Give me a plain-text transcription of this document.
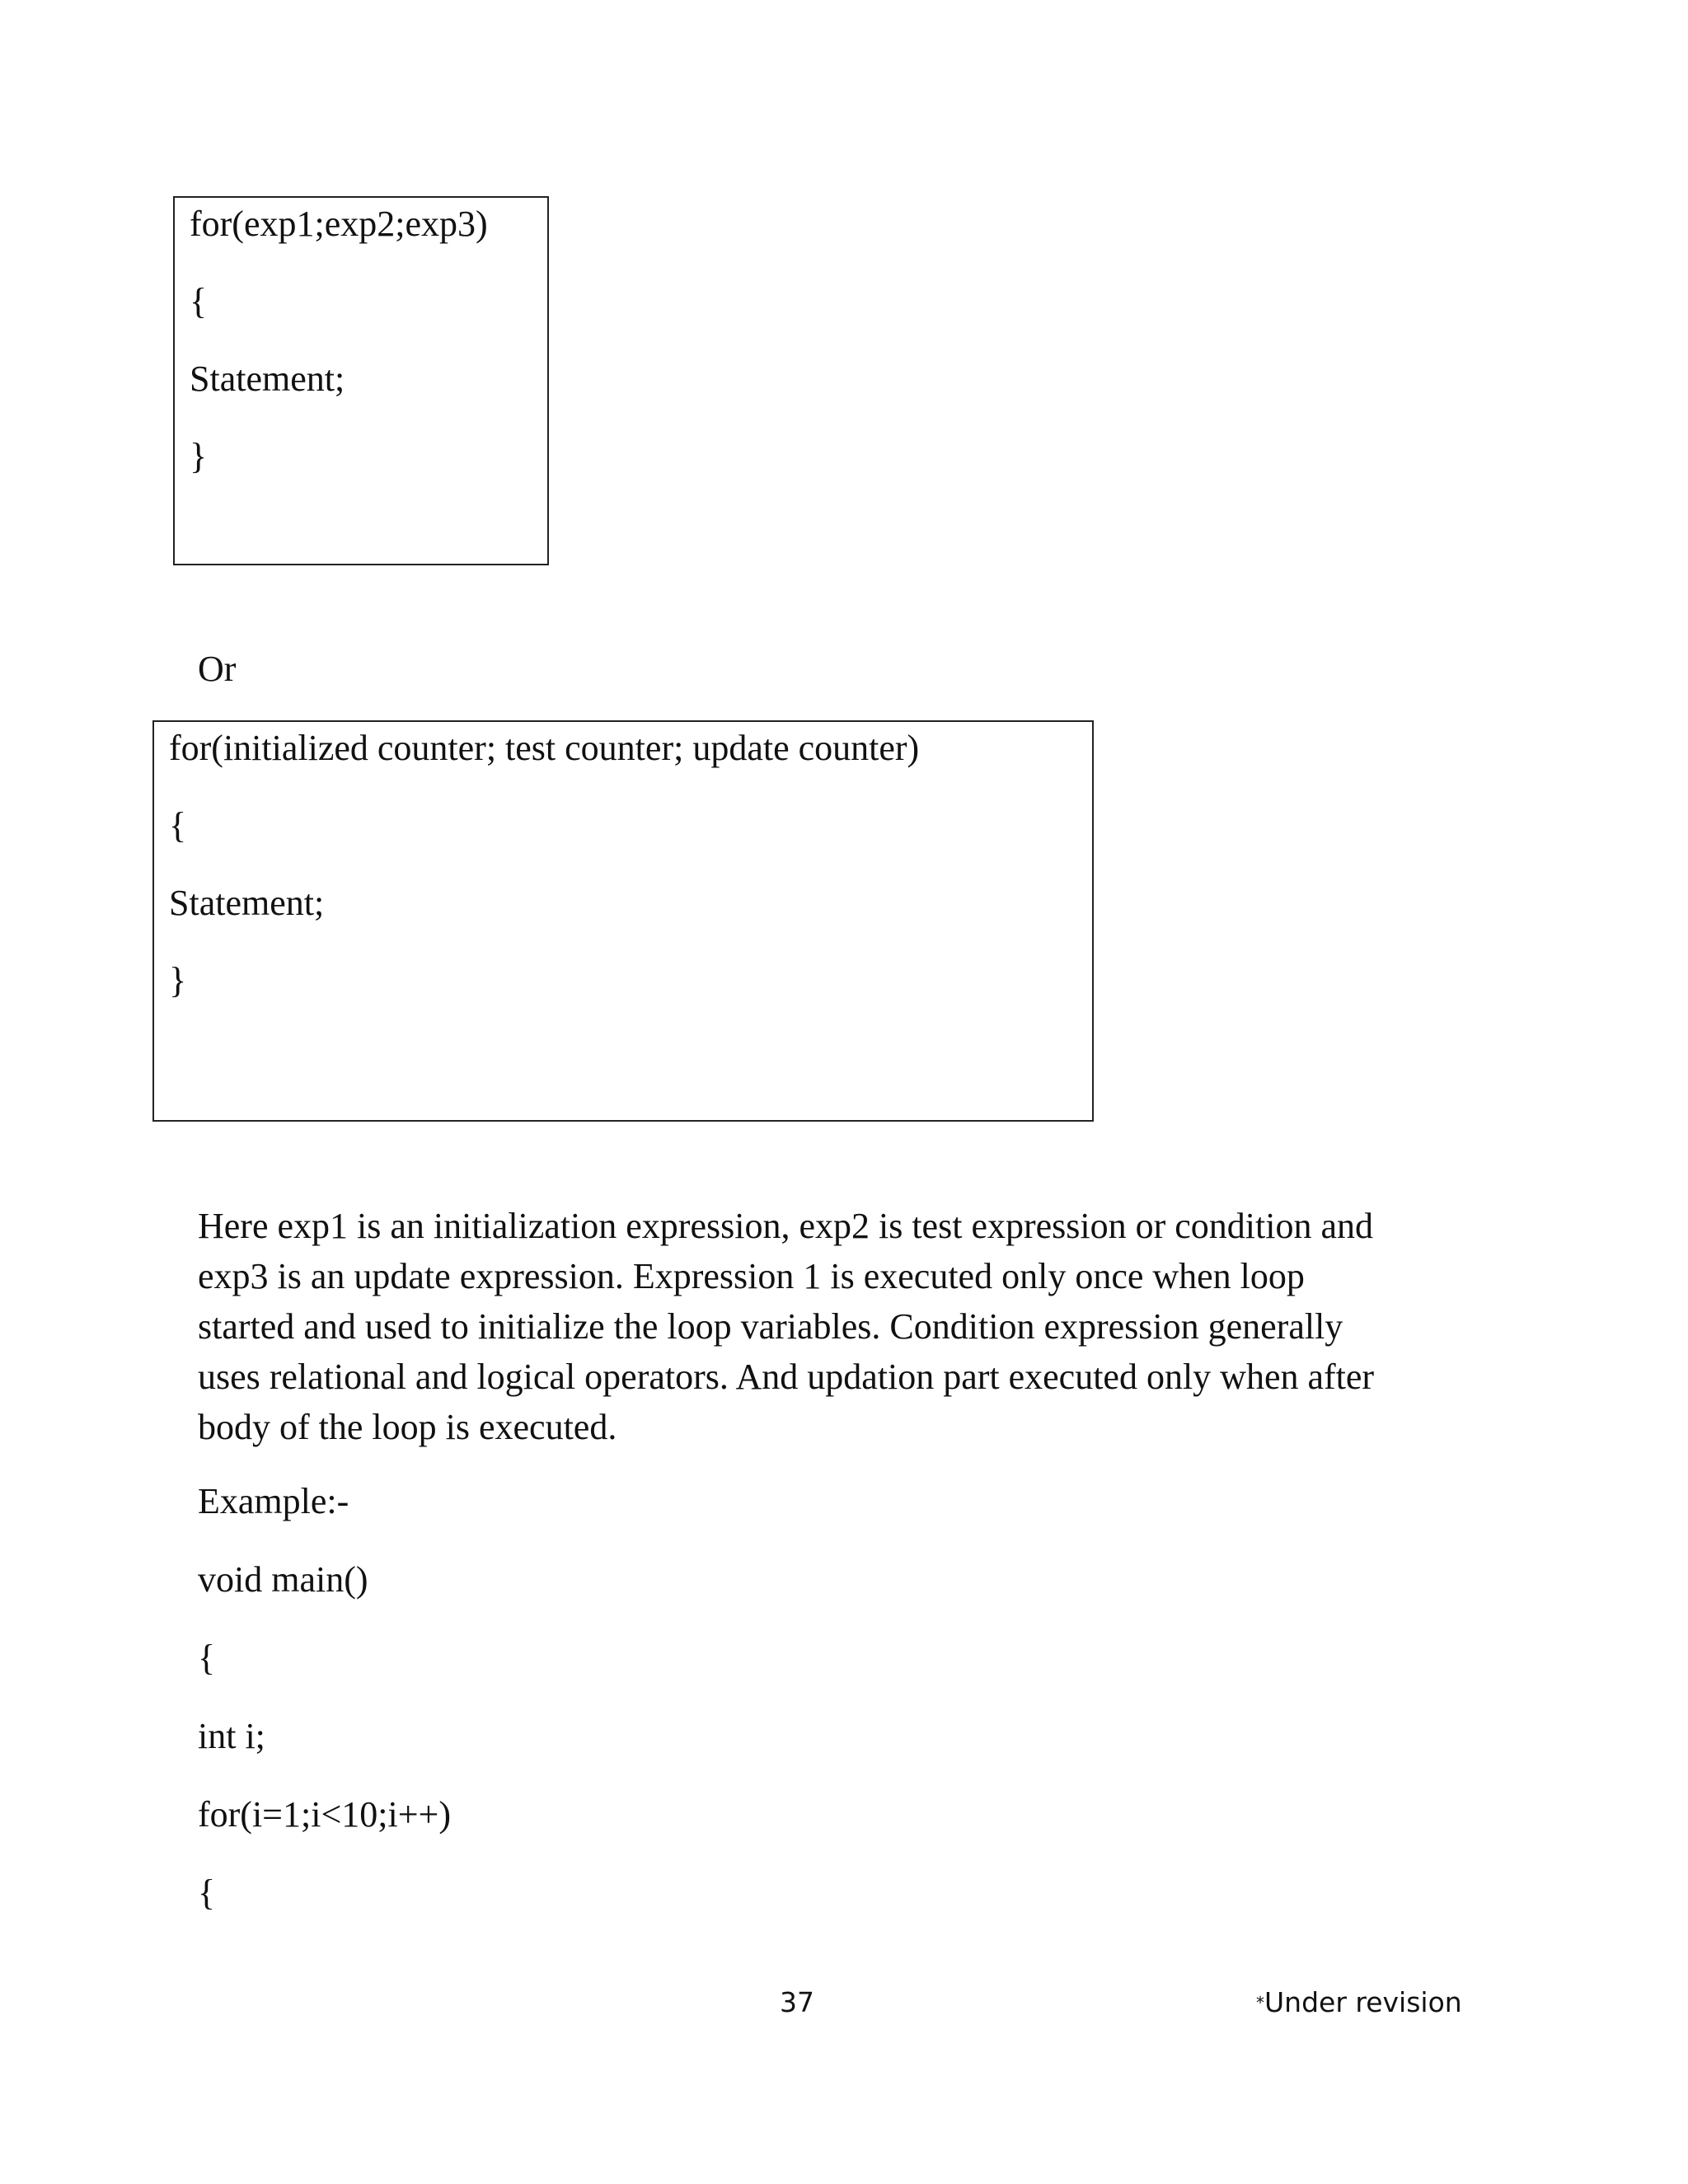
for(exp1;exp2;exp3)
{
Statement;
}
Or
for(initialized counter; test counter; update counter)
{
Statement;
}
Here exp1 is an initialization expression, exp2 is test expression or condition and
exp3 is an update expression. Expression 1 is executed only once when loop
started and used to initialize the loop variables. Condition expression generally
uses relational and logical operators. And updation part executed only when after
body of the loop is executed.
Example:-
void main()
{
int i;
for(i=1;i<10;i++)
{
37	*Under revision
